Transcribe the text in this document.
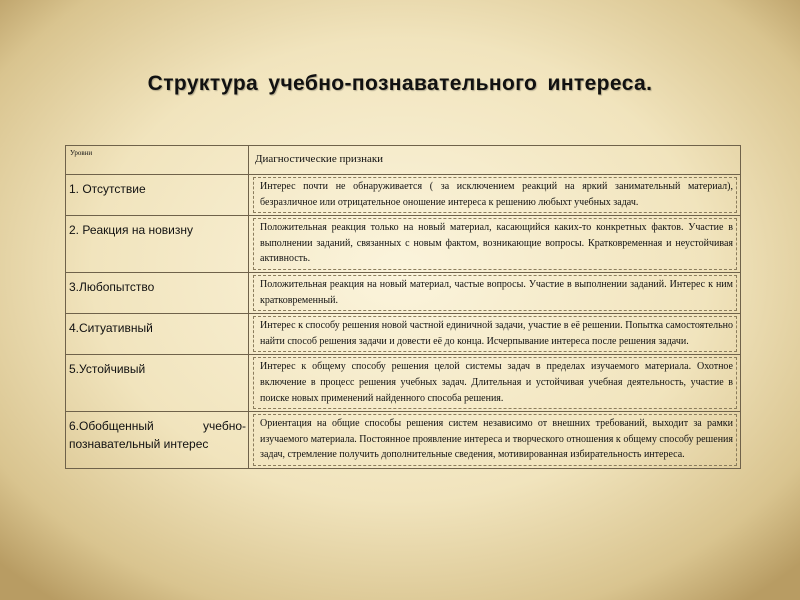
Структура учебно-познавательного интереса.
Уровни	Диагностические признаки
1. Отсутствие	Интерес почти не обнаруживается ( за исключением реакций на яркий занимательный материал), безразличное или отрицательное оношение интереса к решению любыхт учебных задач.

2. Реакция на новизну	Положительная реакция только на новый материал, касающийся каких-то конкретных фактов. Участие в выполнении заданий, связанных с новым фактом, возникающие вопросы. Кратковременная и неустойчивая активность.

3.Любопытство	Положительная реакция на новый материал, частые вопросы. Участие в выполнении заданий. Интерес к ним кратковременный.

4.Ситуативный	Интерес к способу решения новой частной единичной задачи, участие в её решении. Попытка самостоятельно найти способ решения задачи и довести её до конца. Исчерпывание интереса после решения задачи.

5.Устойчивый	Интерес к общему способу решения целой системы задач в пределах изучаемого материала. Охотное включение в процесс решения учебных задач. Длительная и устойчивая учебная деятельность, участие в поиске новых применений найденного способа решения.

6.Обобщенный учебно-познавательный интерес	Ориентация на общие способы решения систем независимо от внешних требований, выходит за рамки изучаемого материала. Постоянное проявление интереса и творческого отношения к общему способу решения задач, стремление получить дополнительные сведения, мотивированная избирательность интереса.
